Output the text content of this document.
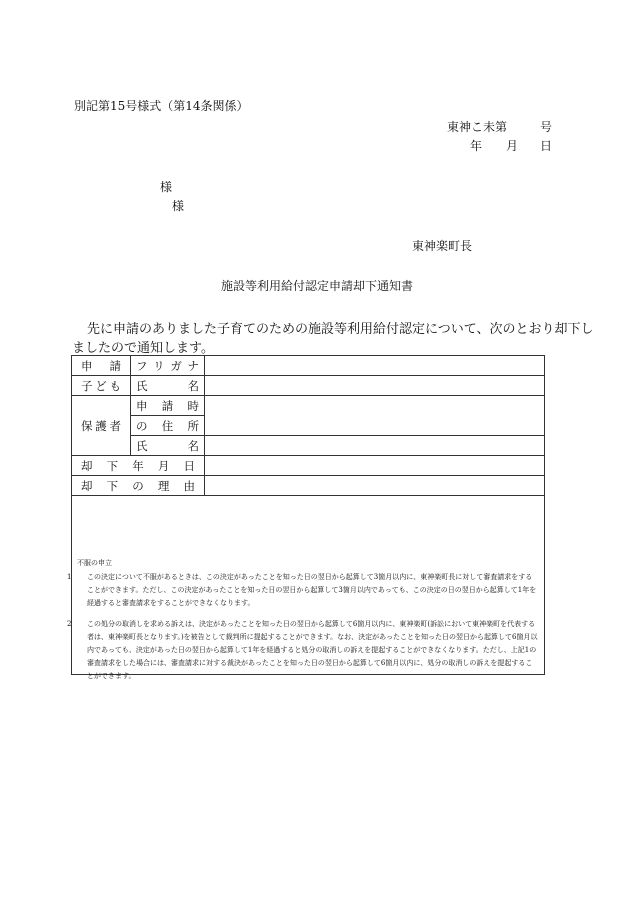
別記第15号様式（第14条関係）
東神こ未第	号
年 月 日
様
様
東神楽町長
施設等利用給付認定申請却下通知書
先に申請のありました子育てのための施設等利用給付認定について、次のとおり却下し
ましたので通知します。
申 請	フ リ ガ ナ	

子 ど も	氏 名	

保 護 者	申 請 時	

	の 住 所	

	氏 名	

却 下 年 月 日		

却 下 の 理 由		

不服の申立
1 この決定について不服があるときは、この決定があったことを知った日の翌日から起算して3箇月以内に、東神楽町長に対して審査請求をすることができます。ただし、この決定があったことを知った日の翌日から起算して3箇月以内であっても、この決定の日の翌日から起算して1年を経過すると審査請求をすることができなくなります。
2 この処分の取消しを求める訴えは、決定があったことを知った日の翌日から起算して6箇月以内に、東神楽町(訴訟において東神楽町を代表する者は、東神楽町長となります。)を被告として裁判所に提起することができます。なお、決定があったことを知った日の翌日から起算して6箇月以内であっても、決定があった日の翌日から起算して1年を経過すると処分の取消しの訴えを提起することができなくなります。ただし、上記1の審査請求をした場合には、審査請求に対する裁決があったことを知った日の翌日から起算して6箇月以内に、処分の取消しの訴えを提起することができます。		
